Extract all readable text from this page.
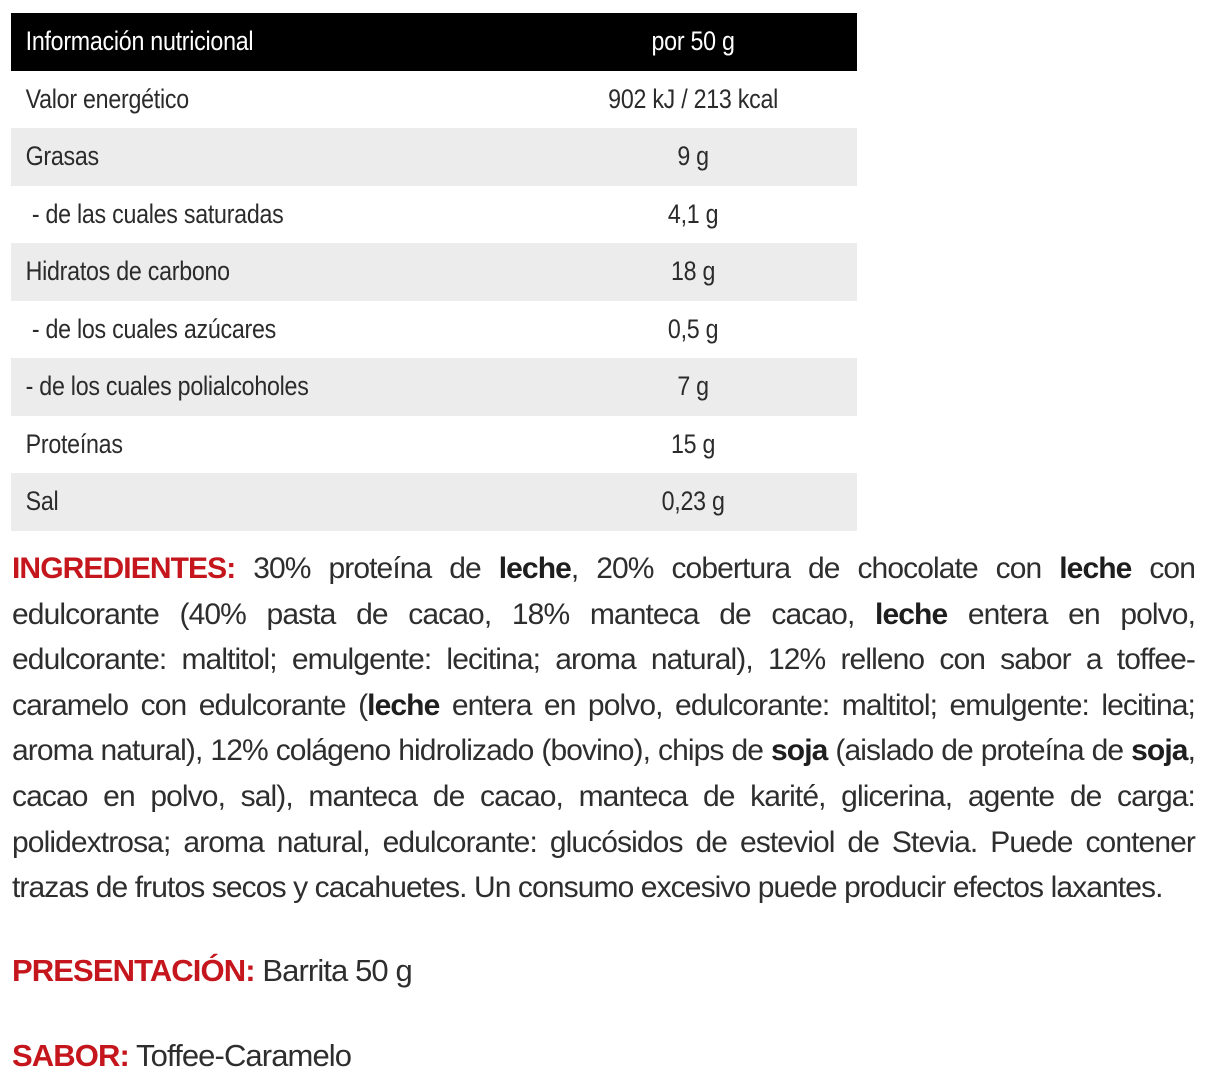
Información nutricional	por 50 g
Valor energético	902 kJ / 213 kcal
Grasas	9 g
- de las cuales saturadas	4,1 g
Hidratos de carbono	18 g
- de los cuales azúcares	0,5 g
- de los cuales polialcoholes	7 g
Proteínas	15 g
Sal	0,23 g
INGREDIENTES: 30% proteína de leche, 20% cobertura de chocolate con leche con edulcorante (40% pasta de cacao, 18% manteca de cacao, leche entera en polvo, edulcorante: maltitol; emulgente: lecitina; aroma natural), 12% relleno con sabor a toffee-caramelo con edulcorante (leche entera en polvo, edulcorante: maltitol; emulgente: lecitina; aroma natural), 12% colágeno hidrolizado (bovino), chips de soja (aislado de proteína de soja, cacao en polvo, sal), manteca de cacao, manteca de karité, glicerina, agente de carga: polidextrosa; aroma natural, edulcorante: glucósidos de esteviol de Stevia. Puede contener trazas de frutos secos y cacahuetes. Un consumo excesivo puede producir efectos laxantes.
PRESENTACIÓN: Barrita 50 g
SABOR: Toffee-Caramelo
